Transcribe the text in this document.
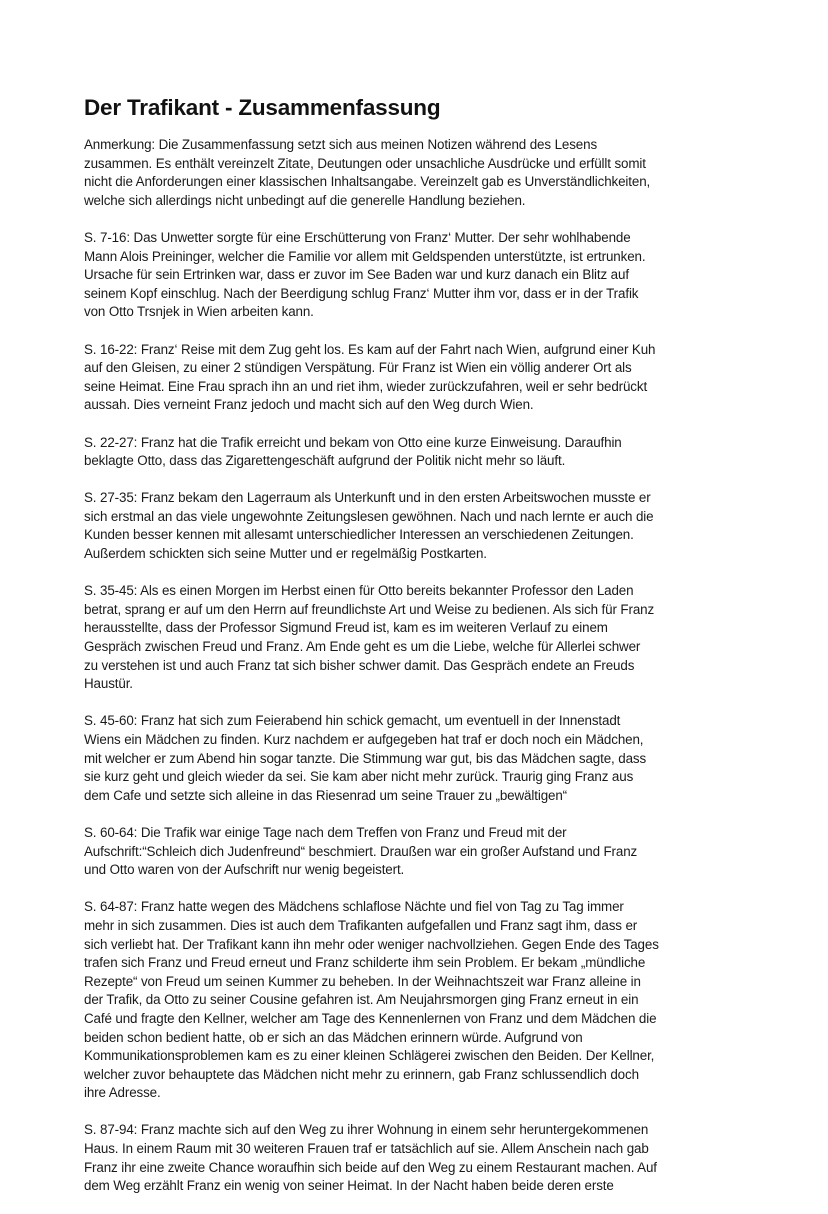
Der Trafikant - Zusammenfassung

Anmerkung: Die Zusammenfassung setzt sich aus meinen Notizen während des Lesens
zusammen. Es enthält vereinzelt Zitate, Deutungen oder unsachliche Ausdrücke und erfüllt somit
nicht die Anforderungen einer klassischen Inhaltsangabe. Vereinzelt gab es Unverständlichkeiten,
welche sich allerdings nicht unbedingt auf die generelle Handlung beziehen.

S. 7-16: Das Unwetter sorgte für eine Erschütterung von Franz‘ Mutter. Der sehr wohlhabende
Mann Alois Preininger, welcher die Familie vor allem mit Geldspenden unterstützte, ist ertrunken.
Ursache für sein Ertrinken war, dass er zuvor im See Baden war und kurz danach ein Blitz auf
seinem Kopf einschlug. Nach der Beerdigung schlug Franz‘ Mutter ihm vor, dass er in der Trafik
von Otto Trsnjek in Wien arbeiten kann.

S. 16-22: Franz‘ Reise mit dem Zug geht los. Es kam auf der Fahrt nach Wien, aufgrund einer Kuh
auf den Gleisen, zu einer 2 stündigen Verspätung. Für Franz ist Wien ein völlig anderer Ort als
seine Heimat. Eine Frau sprach ihn an und riet ihm, wieder zurückzufahren, weil er sehr bedrückt
aussah. Dies verneint Franz jedoch und macht sich auf den Weg durch Wien.

S. 22-27: Franz hat die Trafik erreicht und bekam von Otto eine kurze Einweisung. Daraufhin
beklagte Otto, dass das Zigarettengeschäft aufgrund der Politik nicht mehr so läuft.

S. 27-35: Franz bekam den Lagerraum als Unterkunft und in den ersten Arbeitswochen musste er
sich erstmal an das viele ungewohnte Zeitungslesen gewöhnen. Nach und nach lernte er auch die
Kunden besser kennen mit allesamt unterschiedlicher Interessen an verschiedenen Zeitungen.
Außerdem schickten sich seine Mutter und er regelmäßig Postkarten.

S. 35-45: Als es einen Morgen im Herbst einen für Otto bereits bekannter Professor den Laden
betrat, sprang er auf um den Herrn auf freundlichste Art und Weise zu bedienen. Als sich für Franz
herausstellte, dass der Professor Sigmund Freud ist, kam es im weiteren Verlauf zu einem
Gespräch zwischen Freud und Franz. Am Ende geht es um die Liebe, welche für Allerlei schwer
zu verstehen ist und auch Franz tat sich bisher schwer damit. Das Gespräch endete an Freuds
Haustür.

S. 45-60: Franz hat sich zum Feierabend hin schick gemacht, um eventuell in der Innenstadt
Wiens ein Mädchen zu finden. Kurz nachdem er aufgegeben hat traf er doch noch ein Mädchen,
mit welcher er zum Abend hin sogar tanzte. Die Stimmung war gut, bis das Mädchen sagte, dass
sie kurz geht und gleich wieder da sei. Sie kam aber nicht mehr zurück. Traurig ging Franz aus
dem Cafe und setzte sich alleine in das Riesenrad um seine Trauer zu „bewältigen“

S. 60-64: Die Trafik war einige Tage nach dem Treffen von Franz und Freud mit der
Aufschrift:“Schleich dich Judenfreund“ beschmiert. Draußen war ein großer Aufstand und Franz
und Otto waren von der Aufschrift nur wenig begeistert.

S. 64-87: Franz hatte wegen des Mädchens schlaflose Nächte und fiel von Tag zu Tag immer
mehr in sich zusammen. Dies ist auch dem Trafikanten aufgefallen und Franz sagt ihm, dass er
sich verliebt hat. Der Trafikant kann ihn mehr oder weniger nachvollziehen. Gegen Ende des Tages
trafen sich Franz und Freud erneut und Franz schilderte ihm sein Problem. Er bekam „mündliche
Rezepte“ von Freud um seinen Kummer zu beheben. In der Weihnachtszeit war Franz alleine in
der Trafik, da Otto zu seiner Cousine gefahren ist. Am Neujahrsmorgen ging Franz erneut in ein
Café und fragte den Kellner, welcher am Tage des Kennenlernen von Franz und dem Mädchen die
beiden schon bedient hatte, ob er sich an das Mädchen erinnern würde. Aufgrund von
Kommunikationsproblemen kam es zu einer kleinen Schlägerei zwischen den Beiden. Der Kellner,
welcher zuvor behauptete das Mädchen nicht mehr zu erinnern, gab Franz schlussendlich doch
ihre Adresse.

S. 87-94: Franz machte sich auf den Weg zu ihrer Wohnung in einem sehr heruntergekommenen
Haus. In einem Raum mit 30 weiteren Frauen traf er tatsächlich auf sie. Allem Anschein nach gab
Franz ihr eine zweite Chance woraufhin sich beide auf den Weg zu einem Restaurant machen. Auf
dem Weg erzählt Franz ein wenig von seiner Heimat. In der Nacht haben beide deren erste
